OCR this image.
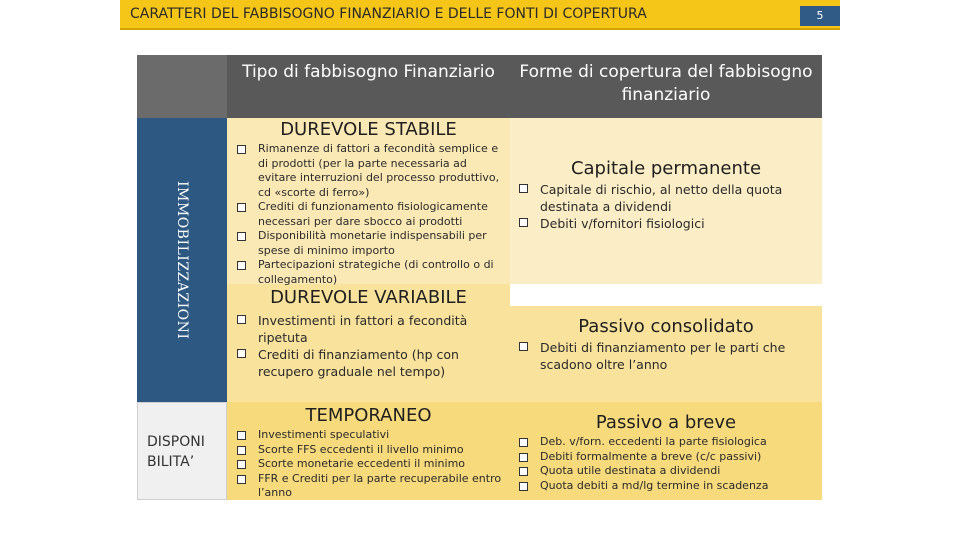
CARATTERI DEL FABBISOGNO FINANZIARIO E DELLE FONTI DI COPERTURA	5
Tipo di fabbisogno Finanziario	Forme di copertura del fabbisogno finanziario
IMMOBILIZZAZIONI
DISPONI BILITA’
DUREVOLE STABILE
DUREVOLE VARIABILE
TEMPORANEO
Capitale permanente
Passivo consolidato
Passivo a breve
Rimanenze di fattori a fecondità semplice e di prodotti (per la parte necessaria ad evitare interruzioni del processo produttivo, cd «scorte di ferro»)
Crediti di funzionamento fisiologicamente necessari per dare sbocco ai prodotti
Disponibilità monetarie indispensabili per spese di minimo importo
Partecipazioni strategiche (di controllo o di collegamento)
Capitale di rischio, al netto della quota destinata a dividendi
Debiti v/fornitori fisiologici
Investimenti in fattori a fecondità ripetuta
Crediti di finanziamento (hp con recupero graduale nel tempo)
Debiti di finanziamento per le parti che scadono oltre l’anno
Investimenti speculativi
Scorte FFS eccedenti il livello minimo
Scorte monetarie eccedenti il minimo
FFR e Crediti per la parte recuperabile entro l’anno
Deb. v/forn. eccedenti la parte fisiologica
Debiti formalmente a breve (c/c passivi)
Quota utile destinata a dividendi
Quota debiti a md/lg termine in scadenza
